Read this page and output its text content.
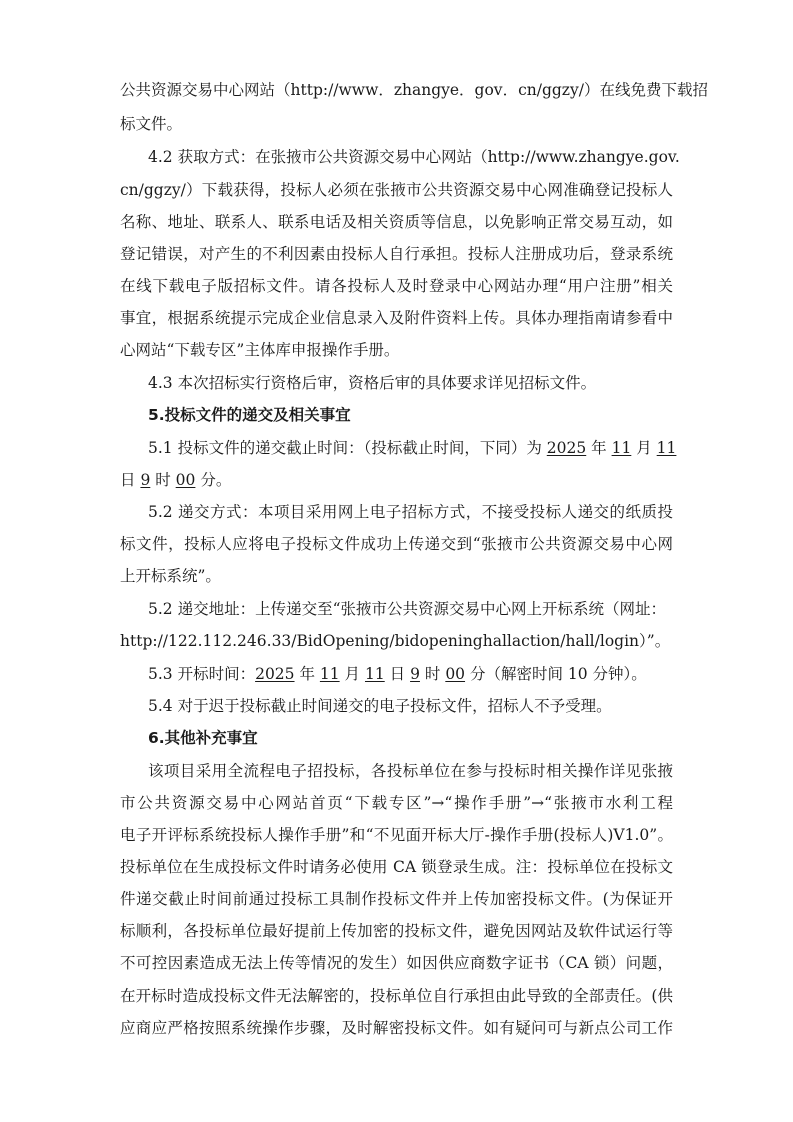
公共资源交易中心网站（http://www．zhangye．gov．cn/ggzy/）在线免费下载招
标文件。
4.2 获取方式：在张掖市公共资源交易中心网站（http://www.zhangye.gov.
cn/ggzy/）下载获得，投标人必须在张掖市公共资源交易中心网准确登记投标人
名称、地址、联系人、联系电话及相关资质等信息，以免影响正常交易互动，如
登记错误，对产生的不利因素由投标人自行承担。投标人注册成功后，登录系统
在线下载电子版招标文件。请各投标人及时登录中心网站办理“用户注册”相关
事宜，根据系统提示完成企业信息录入及附件资料上传。具体办理指南请参看中
心网站“下载专区”主体库申报操作手册。
4.3 本次招标实行资格后审，资格后审的具体要求详见招标文件。
5.投标文件的递交及相关事宜
5.1 投标文件的递交截止时间：（投标截止时间，下同）为 2025 年 11 月 11
日 9 时 00 分。
5.2 递交方式：本项目采用网上电子招标方式，不接受投标人递交的纸质投
标文件，投标人应将电子投标文件成功上传递交到“张掖市公共资源交易中心网
上开标系统”。
5.2 递交地址：上传递交至“张掖市公共资源交易中心网上开标系统（网址：
http://122.112.246.33/BidOpening/bidopeninghallaction/hall/login）”。
5.3 开标时间：2025 年 11 月 11 日 9 时 00 分（解密时间 10 分钟）。
5.4 对于迟于投标截止时间递交的电子投标文件，招标人不予受理。
6.其他补充事宜
该项目采用全流程电子招投标，各投标单位在参与投标时相关操作详见张掖
市公共资源交易中心网站首页“下载专区”→“操作手册”→“张掖市水利工程
电子开评标系统投标人操作手册”和“不见面开标大厅-操作手册(投标人)V1.0”。
投标单位在生成投标文件时请务必使用 CA 锁登录生成。注：投标单位在投标文
件递交截止时间前通过投标工具制作投标文件并上传加密投标文件。(为保证开
标顺利，各投标单位最好提前上传加密的投标文件，避免因网站及软件试运行等
不可控因素造成无法上传等情况的发生）如因供应商数字证书（CA 锁）问题，
在开标时造成投标文件无法解密的，投标单位自行承担由此导致的全部责任。(供
应商应严格按照系统操作步骤，及时解密投标文件。如有疑问可与新点公司工作
